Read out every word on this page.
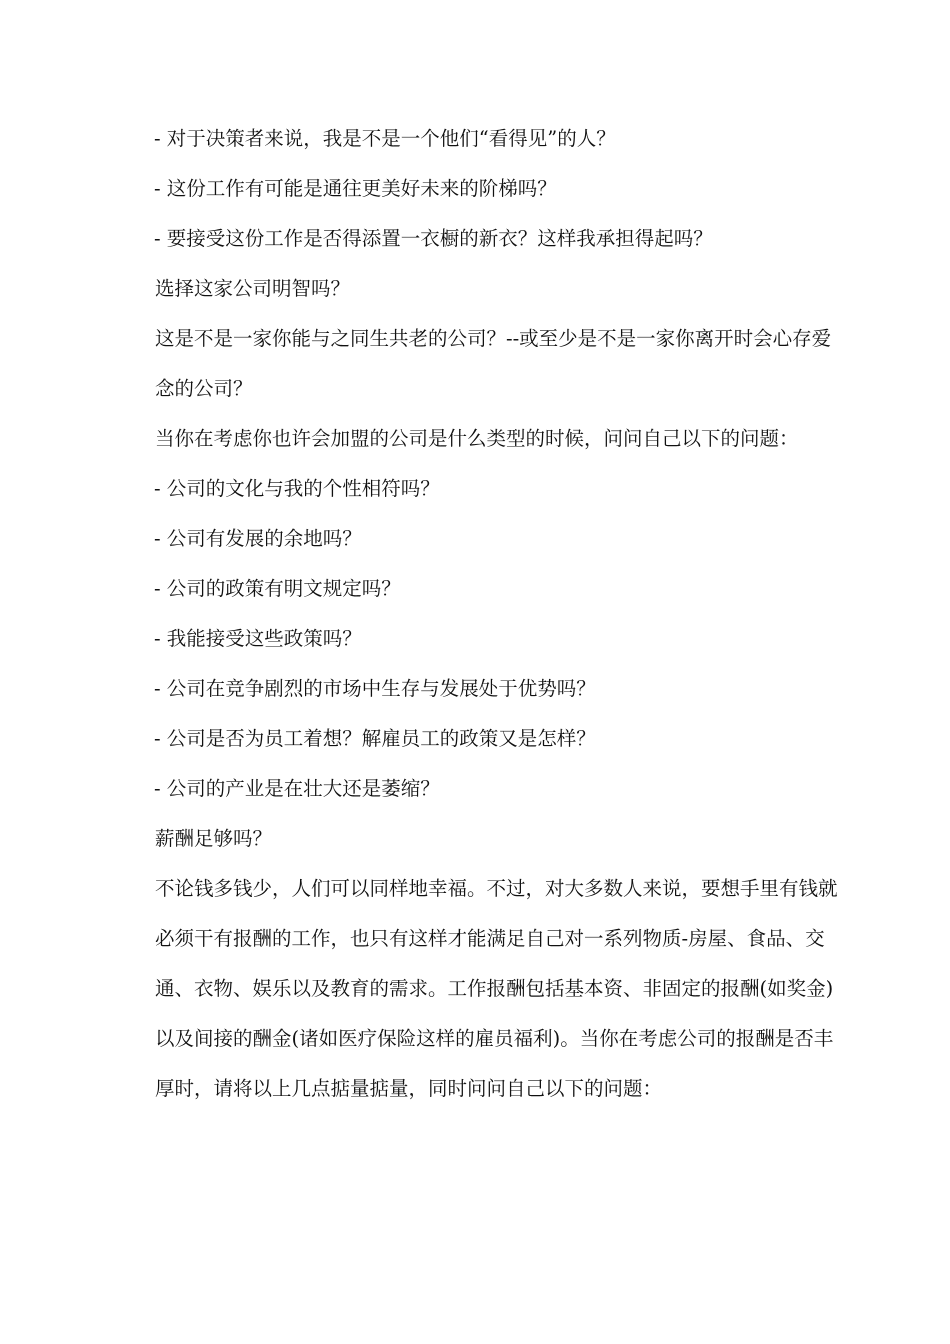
- 对于决策者来说，我是不是一个他们“看得见”的人？

- 这份工作有可能是通往更美好未来的阶梯吗？

- 要接受这份工作是否得添置一衣橱的新衣？这样我承担得起吗？

选择这家公司明智吗？

这是不是一家你能与之同生共老的公司？--或至少是不是一家你离开时会心存爱念的公司？

当你在考虑你也许会加盟的公司是什么类型的时候，问问自己以下的问题：

- 公司的文化与我的个性相符吗？

- 公司有发展的余地吗？

- 公司的政策有明文规定吗？

- 我能接受这些政策吗？

- 公司在竞争剧烈的市场中生存与发展处于优势吗？

- 公司是否为员工着想？解雇员工的政策又是怎样？

- 公司的产业是在壮大还是萎缩？

薪酬足够吗？

不论钱多钱少，人们可以同样地幸福。不过，对大多数人来说，要想手里有钱就必须干有报酬的工作，也只有这样才能满足自己对一系列物质-房屋、食品、交通、衣物、娱乐以及教育的需求。工作报酬包括基本资、非固定的报酬(如奖金)以及间接的酬金(诸如医疗保险这样的雇员福利)。当你在考虑公司的报酬是否丰厚时，请将以上几点掂量掂量，同时问问自己以下的问题：
